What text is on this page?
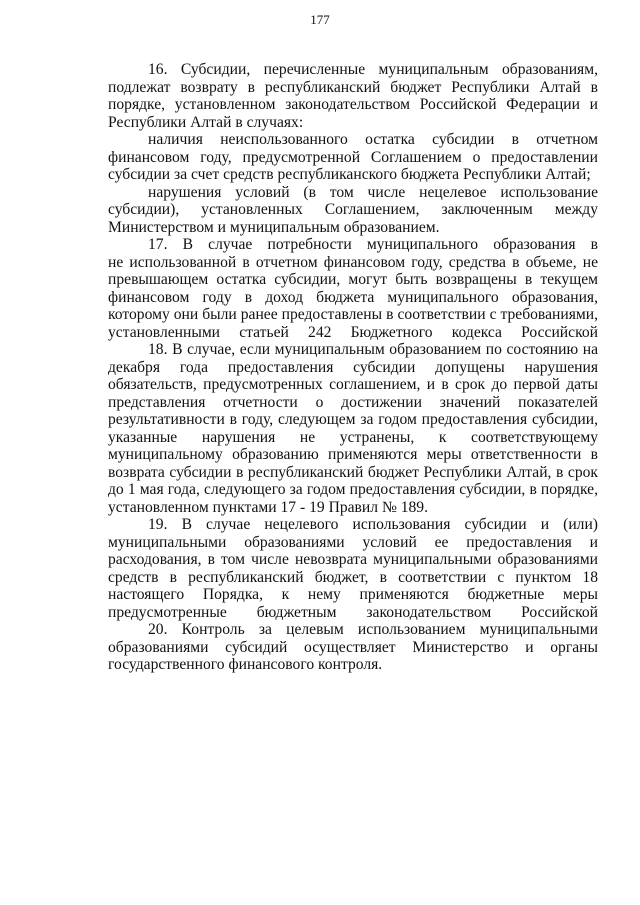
177
16. Субсидии, перечисленные муниципальным образованиям,
подлежат возврату в республиканский бюджет Республики Алтай в
порядке, установленном законодательством Российской Федерации и
Республики Алтай в случаях:
наличия неиспользованного остатка субсидии в отчетном
финансовом году, предусмотренной Соглашением о предоставлении
субсидии за счет средств республиканского бюджета Республики Алтай;
нарушения условий (в том числе нецелевое использование
субсидии), установленных Соглашением, заключенным между
Министерством и муниципальным образованием.
17. В случае потребности муниципального образования в
не использованной в отчетном финансовом году, средства в объеме, не
превышающем остатка субсидии, могут быть возвращены в текущем
финансовом году в доход бюджета муниципального образования,
которому они были ранее предоставлены в соответствии с требованиями,
установленными статьей 242 Бюджетного кодекса Российской
18. В случае, если муниципальным образованием по состоянию на
декабря года предоставления субсидии допущены нарушения
обязательств, предусмотренных соглашением, и в срок до первой даты
представления отчетности о достижении значений показателей
результативности в году, следующем за годом предоставления субсидии,
указанные нарушения не устранены, к соответствующему
муниципальному образованию применяются меры ответственности в
возврата субсидии в республиканский бюджет Республики Алтай, в срок
до 1 мая года, следующего за годом предоставления субсидии, в порядке,
установленном пунктами 17 - 19 Правил № 189.
19. В случае нецелевого использования субсидии и (или)
муниципальными образованиями условий ее предоставления и
расходования, в том числе невозврата муниципальными образованиями
средств в республиканский бюджет, в соответствии с пунктом 18
настоящего Порядка, к нему применяются бюджетные меры
предусмотренные бюджетным законодательством Российской
20. Контроль за целевым использованием муниципальными
образованиями субсидий осуществляет Министерство и органы
государственного финансового контроля.
